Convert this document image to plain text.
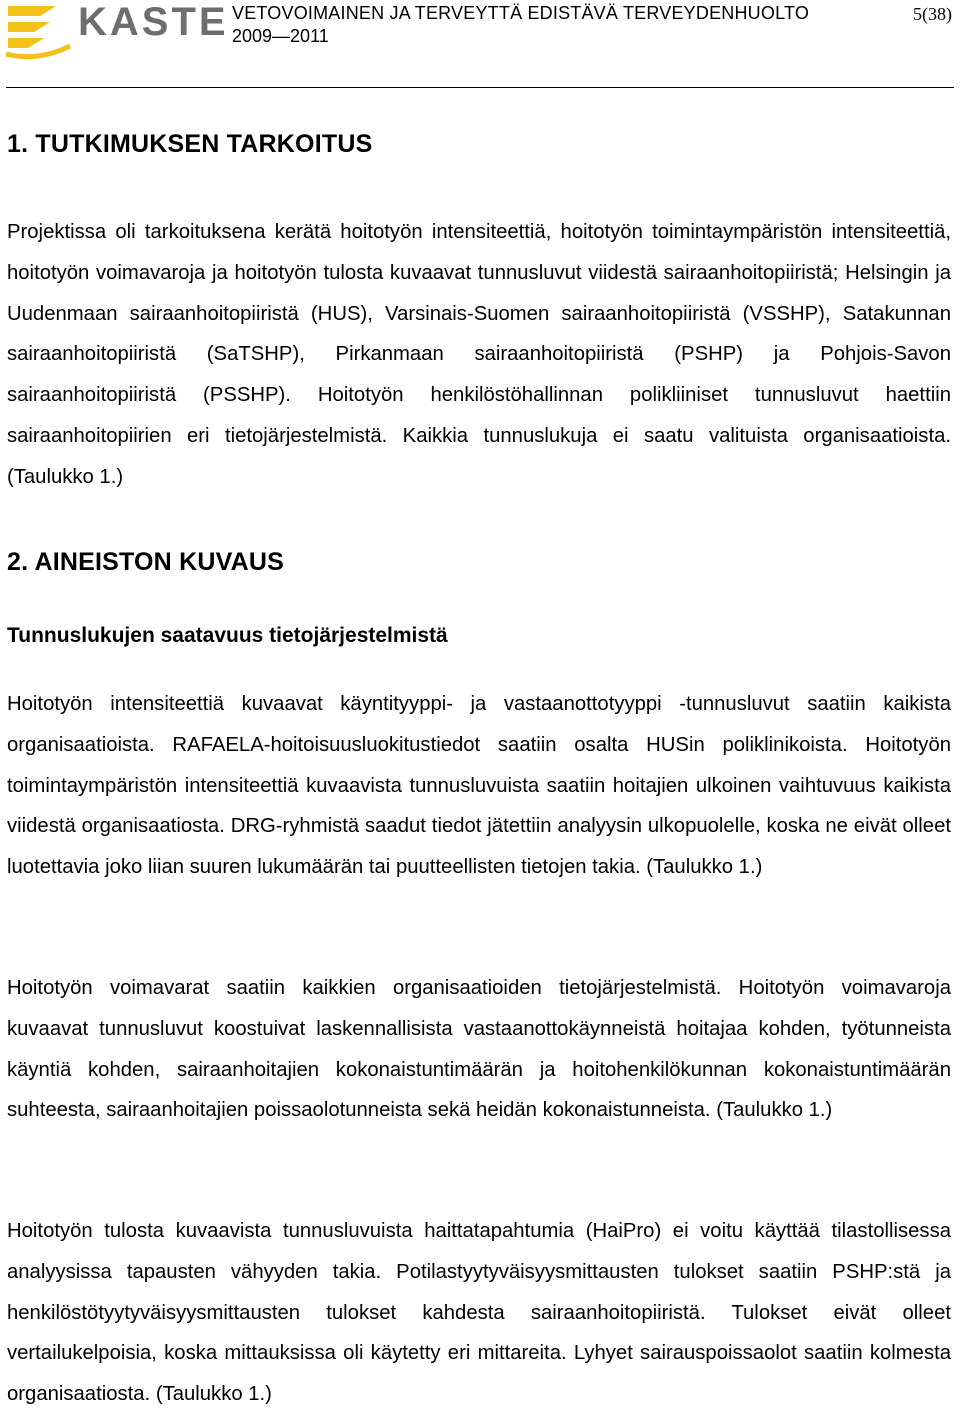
KASTE VETOVOIMAINEN JA TERVEYTTÄ EDISTÄVÄ TERVEYDENHUOLTO
2009—2011
5(38)
1. TUTKIMUKSEN TARKOITUS

Projektissa oli tarkoituksena kerätä hoitotyön intensiteettiä, hoitotyön toimintaympäristön intensiteettiä, hoitotyön voimavaroja ja hoitotyön tulosta kuvaavat tunnusluvut viidestä sairaanhoitopiiristä; Helsingin ja Uudenmaan sairaanhoitopiiristä (HUS), Varsinais-Suomen sairaanhoitopiiristä (VSSHP), Satakunnan sairaanhoitopiiristä (SaTSHP), Pirkanmaan sairaanhoitopiiristä (PSHP) ja Pohjois-Savon sairaanhoitopiiristä (PSSHP). Hoitotyön henkilöstöhallinnan polikliiniset tunnusluvut haettiin sairaanhoitopiirien eri tietojärjestelmistä. Kaikkia tunnuslukuja ei saatu valituista organisaatioista. (Taulukko 1.)

2. AINEISTON KUVAUS
Tunnuslukujen saatavuus tietojärjestelmistä

Hoitotyön intensiteettiä kuvaavat käyntityyppi- ja vastaanottotyyppi -tunnusluvut saatiin kaikista organisaatioista. RAFAELA-hoitoisuusluokitustiedot saatiin osalta HUSin poliklinikoista. Hoitotyön toimintaympäristön intensiteettiä kuvaavista tunnusluvuista saatiin hoitajien ulkoinen vaihtuvuus kaikista viidestä organisaatiosta. DRG-ryhmistä saadut tiedot jätettiin analyysin ulkopuolelle, koska ne eivät olleet luotettavia joko liian suuren lukumäärän tai puutteellisten tietojen takia. (Taulukko 1.)

Hoitotyön voimavarat saatiin kaikkien organisaatioiden tietojärjestelmistä. Hoitotyön voimavaroja kuvaavat tunnusluvut koostuivat laskennallisista vastaanottokäynneistä hoitajaa kohden, työtunneista käyntiä kohden, sairaanhoitajien kokonaistuntimäärän ja hoitohenkilökunnan kokonaistuntimäärän suhteesta, sairaanhoitajien poissaolotunneista sekä heidän kokonaistunneista. (Taulukko 1.)

Hoitotyön tulosta kuvaavista tunnusluvuista haittatapahtumia (HaiPro) ei voitu käyttää tilastollisessa analyysissa tapausten vähyyden takia. Potilastyytyväisyysmittausten tulokset saatiin PSHP:stä ja henkilöstötyytyväisyysmittausten tulokset kahdesta sairaanhoitopiiristä. Tulokset eivät olleet vertailukelpoisia, koska mittauksissa oli käytetty eri mittareita. Lyhyet sairauspoissaolot saatiin kolmesta organisaatiosta. (Taulukko 1.)
